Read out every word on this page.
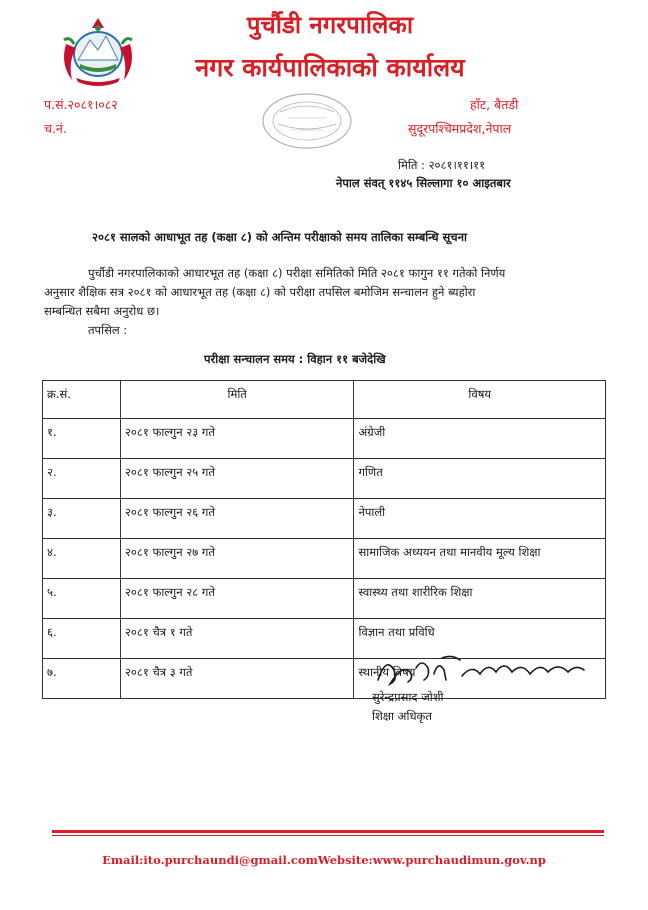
पुर्चौडी नगरपालिका
नगर कार्यपालिकाको कार्यालय
प.सं.२०८१।०८२
च.नं.
हाँट, बैतडी
सुदूरपश्चिमप्रदेश,नेपाल
मिति : २०८१।११।११
नेपाल संवत् ११४५ सिल्लागा १० आइतबार
२०८१ सालको आधाभूत तह (कक्षा ८) को अन्तिम परीक्षाको समय तालिका सम्बन्धि सूचना
पुर्चौडी नगरपालिकाको आधारभूत तह (कक्षा ८) परीक्षा समितिको मिति २०८१ फागुन ११ गतेको निर्णय
अनुसार शैक्षिक सत्र २०८१ को आधारभूत तह (कक्षा ८) को परीक्षा तपसिल बमोजिम सन्चालन हुने ब्यहोरा
सम्बन्धित सबैमा अनुरोध छ।
तपसिल :
परीक्षा सन्चालन समय : विहान ११ बजेदेखि
क्र.सं.	मिति	विषय
१.	२०८१ फाल्गुन २३ गते	अंग्रेजी
२.	२०८१ फाल्गुन २५ गते	गणित
३.	२०८१ फाल्गुन २६ गते	नेपाली
४.	२०८१ फाल्गुन २७ गते	सामाजिक अध्ययन तथा मानवीय मूल्य शिक्षा
५.	२०८१ फाल्गुन २८ गते	स्वास्थ्य तथा शारीरिक शिक्षा
६.	२०८१ चैत्र १ गते	विज्ञान तथा प्रविधि
७.	२०८१ चैत्र ३ गते	स्थानीय विषय
सुरेन्द्रप्रसाद जोशी
शिक्षा अधिकृत
Email:ito.purchaundi@gmail.comWebsite:www.purchaudimun.gov.np
